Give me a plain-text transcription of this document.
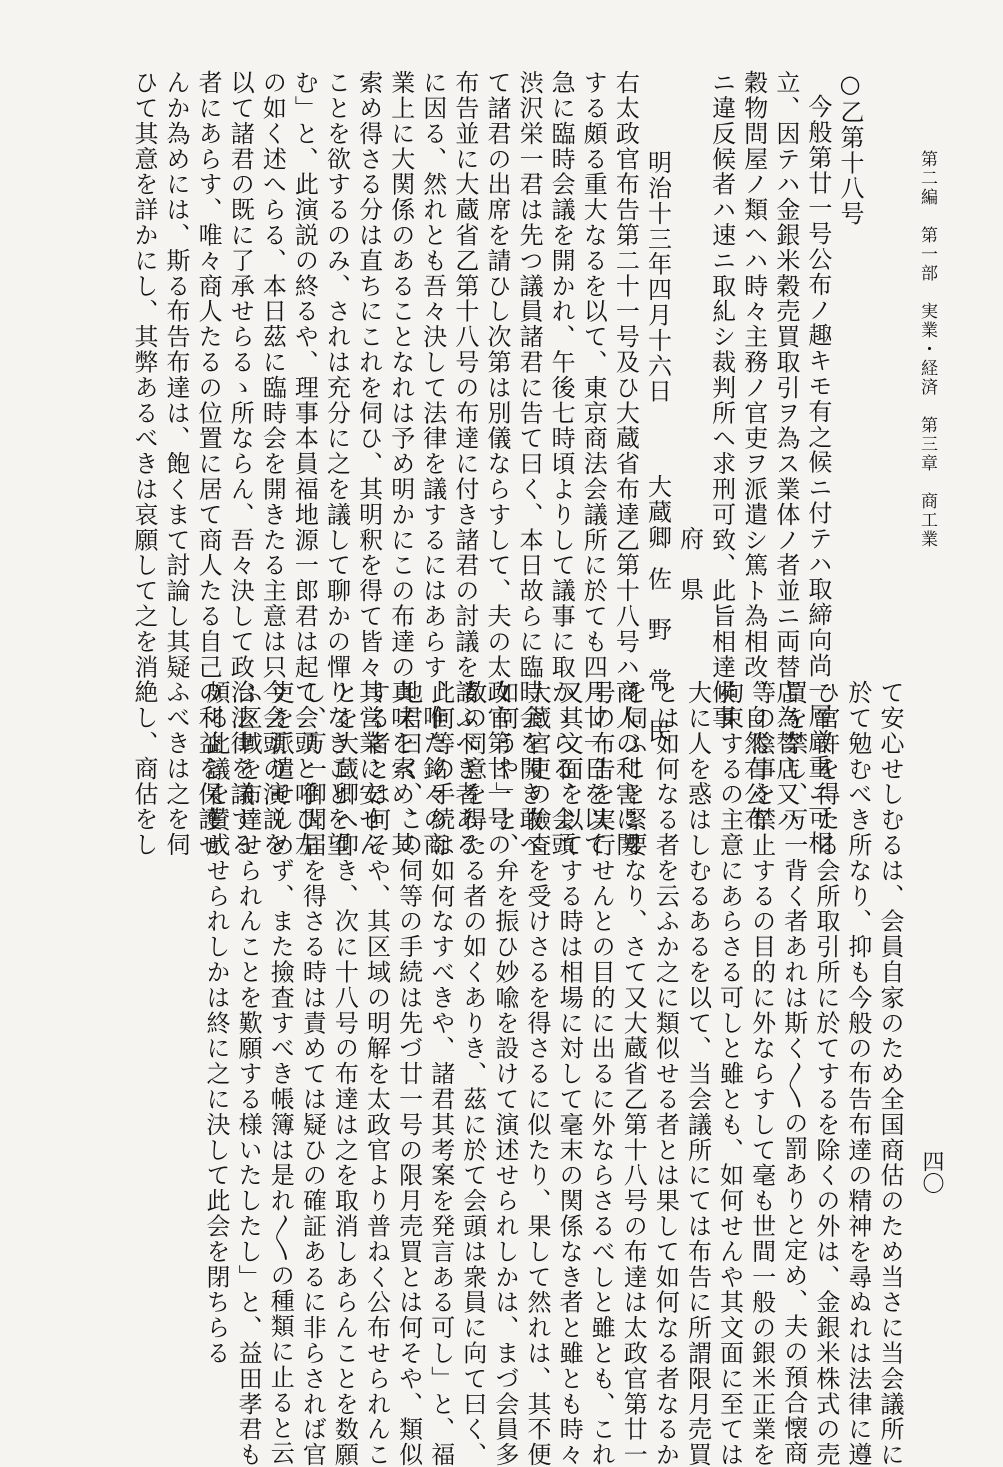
第二編　第一部　実業・経済　第三章　商工業
○乙第十八号
今般第廿一号公布ノ趣キモ有之候ニ付テハ取締向尚一層厳重ニ可相
立、因テハ金銀米穀売買取引ヲ為ス業体ノ者並ニ両替店為替店又ハ
穀物問屋ノ類ヘハ時々主務ノ官吏ヲ派遣シ篤ト為相改、自然右公布
ニ違反候者ハ速ニ取糺シ裁判所ヘ求刑可致、此旨相達候事
府　県
明治十三年四月十六日大蔵卿佐　野　常　民
右太政官布告第二十一号及ひ大蔵省布達乙第十八号ハ商人の利害に関
する頗る重大なるを以て、東京商法会議所に於ても四月廿一日を以て
急に臨時会議を開かれ、午後七時頃よりして議事に取かゝらる、会頭
渋沢栄一君は先つ議員諸君に告て曰く、本日故らに臨時会を開き敢へ
て諸君の出席を請ひし次第は別儀ならすして、夫の太政官第廿一号の
布告並に大蔵省乙第十八号の布達に付き諸君の討議を請ふべき者ある
に因る、然れとも吾々決して法律を議するにはあらす、唯た銘々の商
業上に大関係のあることなれは予め明かにこの布達の真味を索め、其
索め得さる分は直ちにこれを伺ひ、其明釈を得て皆々其営業に安せん
ことを欲するのみ、されは充分に之を議して聊かの憚りなきことを望
む」と、此演説の終るや、理事本員福地源一郎君は起て会頭と呼ひ左
の如く述へらる、本日茲に臨時会を開きたる主意は只今会頭の演説を
以て諸君の既に了承せらるゝ所ならん、吾々決して政治法律を議する
者にあらす、唯々商人たるの位置に居て商人たる自己の利益を保護せ
んか為めには、斯る布告布達は、飽くまて討論し其疑ふべきは之を伺
ひて其意を詳かにし、其弊あるべきは哀願して之を消絶し、商估をし
て安心せしむるは、会員自家のため全国商估のため当さに当会議所に
於て勉むべき所なり、抑も今般の布告布達の精神を尋ぬれは法律に遵
ひ官許を得たる会所取引所に於てするを除くの外は、金銀米株式の売
買を禁し、万一背く者あれは斯く〳〵の罰ありと定め、夫の預合懐商
等の陰事を禁止するの目的に外ならすして毫も世間一般の銀米正業を
拘束するの主意にあらさる可しと雖とも、如何せんや其文面に至ては
大に人を惑はしむるあるを以て、当会議所にては布告に所謂限月売買
とは如何なる者を云ふか之に類似せる者とは果して如何なる者なるか
を伺ふこと緊要なり、さて又大蔵省乙第十八号の布達は太政官第廿一
号の布告を実行せんとの目的に出るに外ならさるべしと雖とも、これ
又其文面を以てする時は相場に対して毫末の関係なき者と雖とも時々
大蔵官吏の撿査を受けさるを得さるに似たり、果して然れは、其不便
如何うや」と、弁を振ひ妙喩を設けて演述せられしかは、まづ会員多
数の同意を得たる者の如くありき、茲に於て会頭は衆員に向て曰く、
此何等の手続は如何なすべきや、諸君其考案を発言ある可し」と、福
地君曰く、この伺等の手続は先づ廿一号の限月売買とは何そや、類似
する者とは何そや、其区域の明解を太政官より普ねく公布せられんこ
とを大蔵卿へ仰き、次に十八号の布達は之を取消しあらんことを数願
し、万一御聞届を得さる時は責めては疑ひの確証あるに非らされば官
吏を派遣せしめず、また撿査すべき帳簿は是れ〳〵の種類に止ると云
ふ区域を布達せられんことを歎願する様いたしたし」と、益田孝君も
頗る此議を賛成せられしかは終に之に決して此会を閉ちらる	四〇
